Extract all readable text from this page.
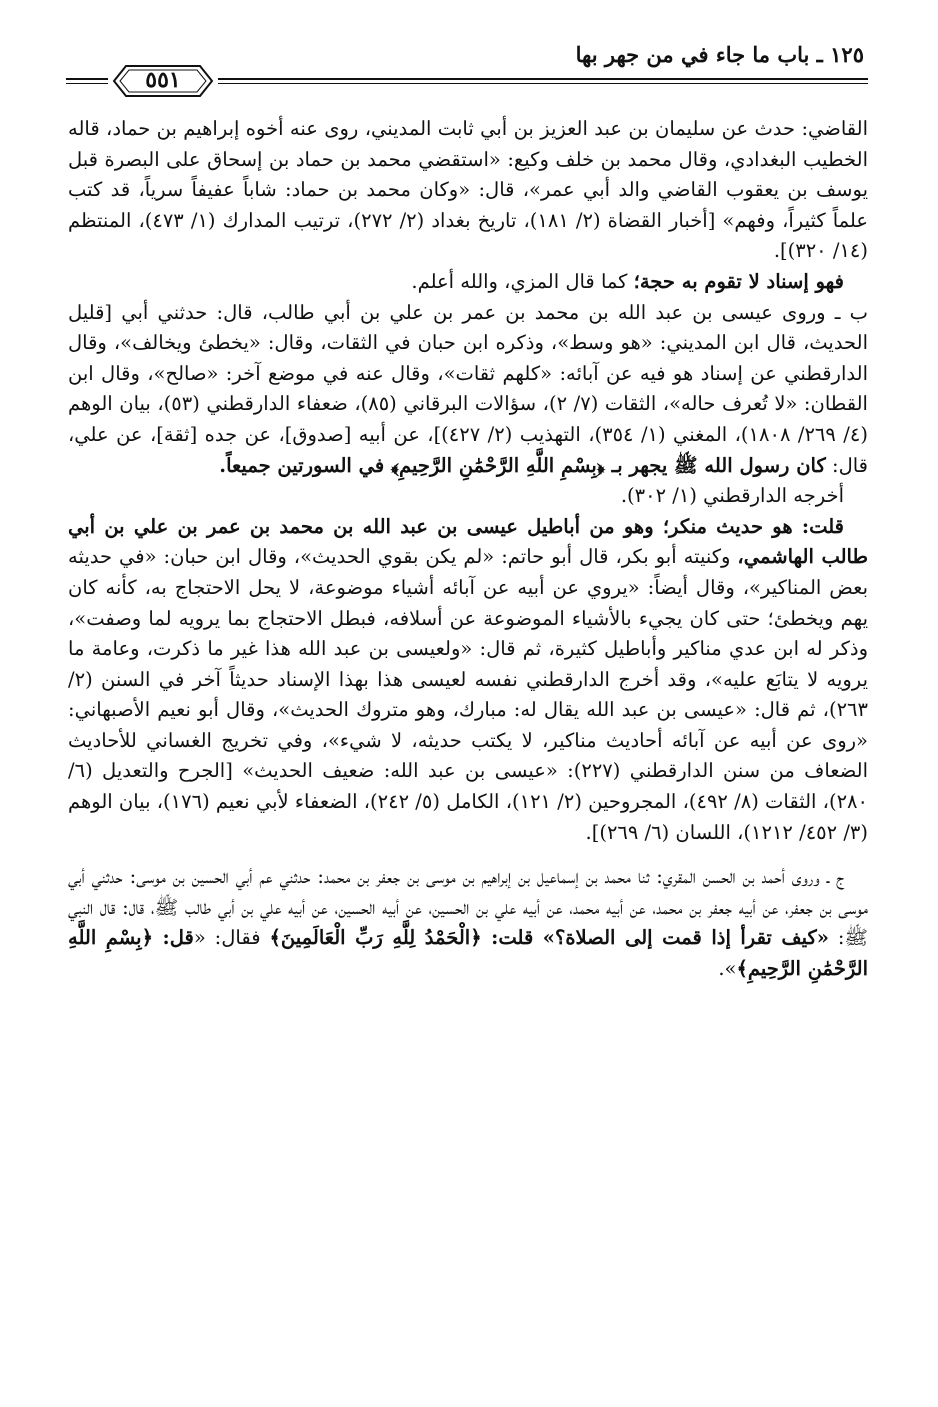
١٢٥ ـ باب ما جاء في من جهر بها
٥٥١

القاضي: حدث عن سليمان بن عبد العزيز بن أبي ثابت المديني، روى عنه أخوه إبراهيم بن حماد، قاله الخطيب البغدادي، وقال محمد بن خلف وكيع: «استقضي محمد بن حماد بن إسحاق على البصرة قبل يوسف بن يعقوب القاضي والد أبي عمر»، قال: «وكان محمد بن حماد: شاباً عفيفاً سرياً، قد كتب علماً كثيراً، وفهم» [أخبار القضاة (٢/ ١٨١)، تاريخ بغداد (٢/ ٢٧٢)، ترتيب المدارك (١/ ٤٧٣)، المنتظم (١٤/ ٣٢٠)].

فهو إسناد لا تقوم به حجة؛ كما قال المزي، والله أعلم.

ب ـ وروى عيسى بن عبد الله بن محمد بن عمر بن علي بن أبي طالب، قال: حدثني أبي [قليل الحديث، قال ابن المديني: «هو وسط»، وذكره ابن حبان في الثقات، وقال: «يخطئ ويخالف»، وقال الدارقطني عن إسناد هو فيه عن آبائه: «كلهم ثقات»، وقال عنه في موضع آخر: «صالح»، وقال ابن القطان: «لا تُعرف حاله»، الثقات (٧/ ٢)، سؤالات البرقاني (٨٥)، ضعفاء الدارقطني (٥٣)، بيان الوهم (٤/ ٢٦٩/ ١٨٠٨)، المغني (١/ ٣٥٤)، التهذيب (٢/ ٤٢٧)]، عن أبيه [صدوق]، عن جده [ثقة]، عن علي، قال: كان رسول الله ﷺ يجهر بـ ﴿بِسْمِ اللَّهِ الرَّحْمَٰنِ الرَّحِيمِ﴾ في السورتين جميعاً.

أخرجه الدارقطني (١/ ٣٠٢).

قلت: هو حديث منكر؛ وهو من أباطيل عيسى بن عبد الله بن محمد بن عمر بن علي بن أبي طالب الهاشمي، وكنيته أبو بكر، قال أبو حاتم: «لم يكن بقوي الحديث»، وقال ابن حبان: «في حديثه بعض المناكير»، وقال أيضاً: «يروي عن أبيه عن آبائه أشياء موضوعة، لا يحل الاحتجاج به، كأنه كان يهم ويخطئ؛ حتى كان يجيء بالأشياء الموضوعة عن أسلافه، فبطل الاحتجاج بما يرويه لما وصفت»، وذكر له ابن عدي مناكير وأباطيل كثيرة، ثم قال: «ولعيسى بن عبد الله هذا غير ما ذكرت، وعامة ما يرويه لا يتابَع عليه»، وقد أخرج الدارقطني نفسه لعيسى هذا بهذا الإسناد حديثاً آخر في السنن (٢/ ٢٦٣)، ثم قال: «عيسى بن عبد الله يقال له: مبارك، وهو متروك الحديث»، وقال أبو نعيم الأصبهاني: «روى عن أبيه عن آبائه أحاديث مناكير، لا يكتب حديثه، لا شيء»، وفي تخريج الغساني للأحاديث الضعاف من سنن الدارقطني (٢٢٧): «عيسى بن عبد الله: ضعيف الحديث» [الجرح والتعديل (٦/ ٢٨٠)، الثقات (٨/ ٤٩٢)، المجروحين (٢/ ١٢١)، الكامل (٥/ ٢٤٢)، الضعفاء لأبي نعيم (١٧٦)، بيان الوهم (٣/ ٤٥٢/ ١٢١٢)، اللسان (٦/ ٢٦٩)].

ج ـ وروى أحمد بن الحسن المقري: ثنا محمد بن إسماعيل بن إبراهيم بن موسى بن جعفر بن محمد: حدثني عم أبي الحسين بن موسى: حدثني أبي موسى بن جعفر، عن أبيه جعفر بن محمد، عن أبيه محمد، عن أبيه علي بن الحسين، عن أبيه الحسين، عن أبيه علي بن أبي طالب ﷺ، قال: قال النبي ﷺ: «كيف تقرأ إذا قمت إلى الصلاة؟» قلت: ﴿الْحَمْدُ لِلَّهِ رَبِّ الْعَالَمِينَ﴾ فقال: «قل: ﴿بِسْمِ اللَّهِ الرَّحْمَٰنِ الرَّحِيمِ﴾».
